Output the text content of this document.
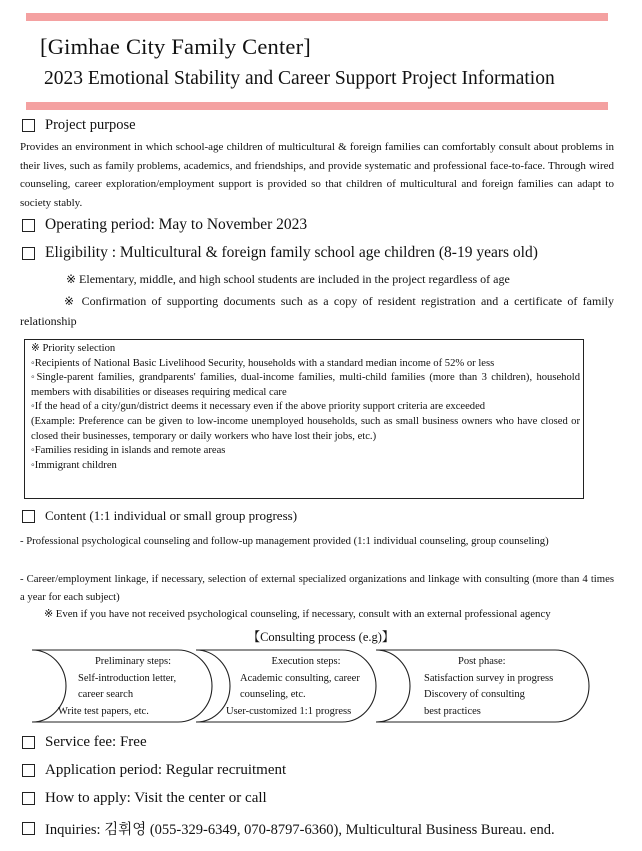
[Gimhae City Family Center]
2023 Emotional Stability and Career Support Project Information
Project purpose
Provides an environment in which school-age children of multicultural & foreign families can comfortably consult about problems in their lives, such as family problems, academics, and friendships, and provide systematic and professional face-to-face. Through wired counseling, career exploration/employment support is provided so that children of multicultural and foreign families can adapt to society stably.
Operating period: May to November 2023
Eligibility : Multicultural & foreign family school age children (8-19 years old)
※ Elementary, middle, and high school students are included in the project regardless of age
※ Confirmation of supporting documents such as a copy of resident registration and a certificate of family relationship
※ Priority selection
◦Recipients of National Basic Livelihood Security, households with a standard median income of 52% or less
◦Single-parent families, grandparents' families, dual-income families, multi-child families (more than 3 children), household members with disabilities or diseases requiring medical care
◦If the head of a city/gun/district deems it necessary even if the above priority support criteria are exceeded
(Example: Preference can be given to low-income unemployed households, such as small business owners who have closed or closed their businesses, temporary or daily workers who have lost their jobs, etc.)
◦Families residing in islands and remote areas
◦Immigrant children
Content (1:1 individual or small group progress)
- Professional psychological counseling and follow-up management provided (1:1 individual counseling, group counseling)
- Career/employment linkage, if necessary, selection of external specialized organizations and linkage with consulting (more than 4 times a year for each subject)
※ Even if you have not received psychological counseling, if necessary, consult with an external professional agency
【Consulting process (e.g)】
Preliminary steps:
Self-introduction letter,
career search
Write test papers, etc.
Execution steps:
Academic consulting, career
counseling, etc.
User-customized 1:1 progress
Post phase:
Satisfaction survey in progress
Discovery of consulting
best practices
Service fee: Free
Application period: Regular recruitment
How to apply: Visit the center or call
Inquiries: 김휘영 (055-329-6349, 070-8797-6360), Multicultural Business Bureau. end.
